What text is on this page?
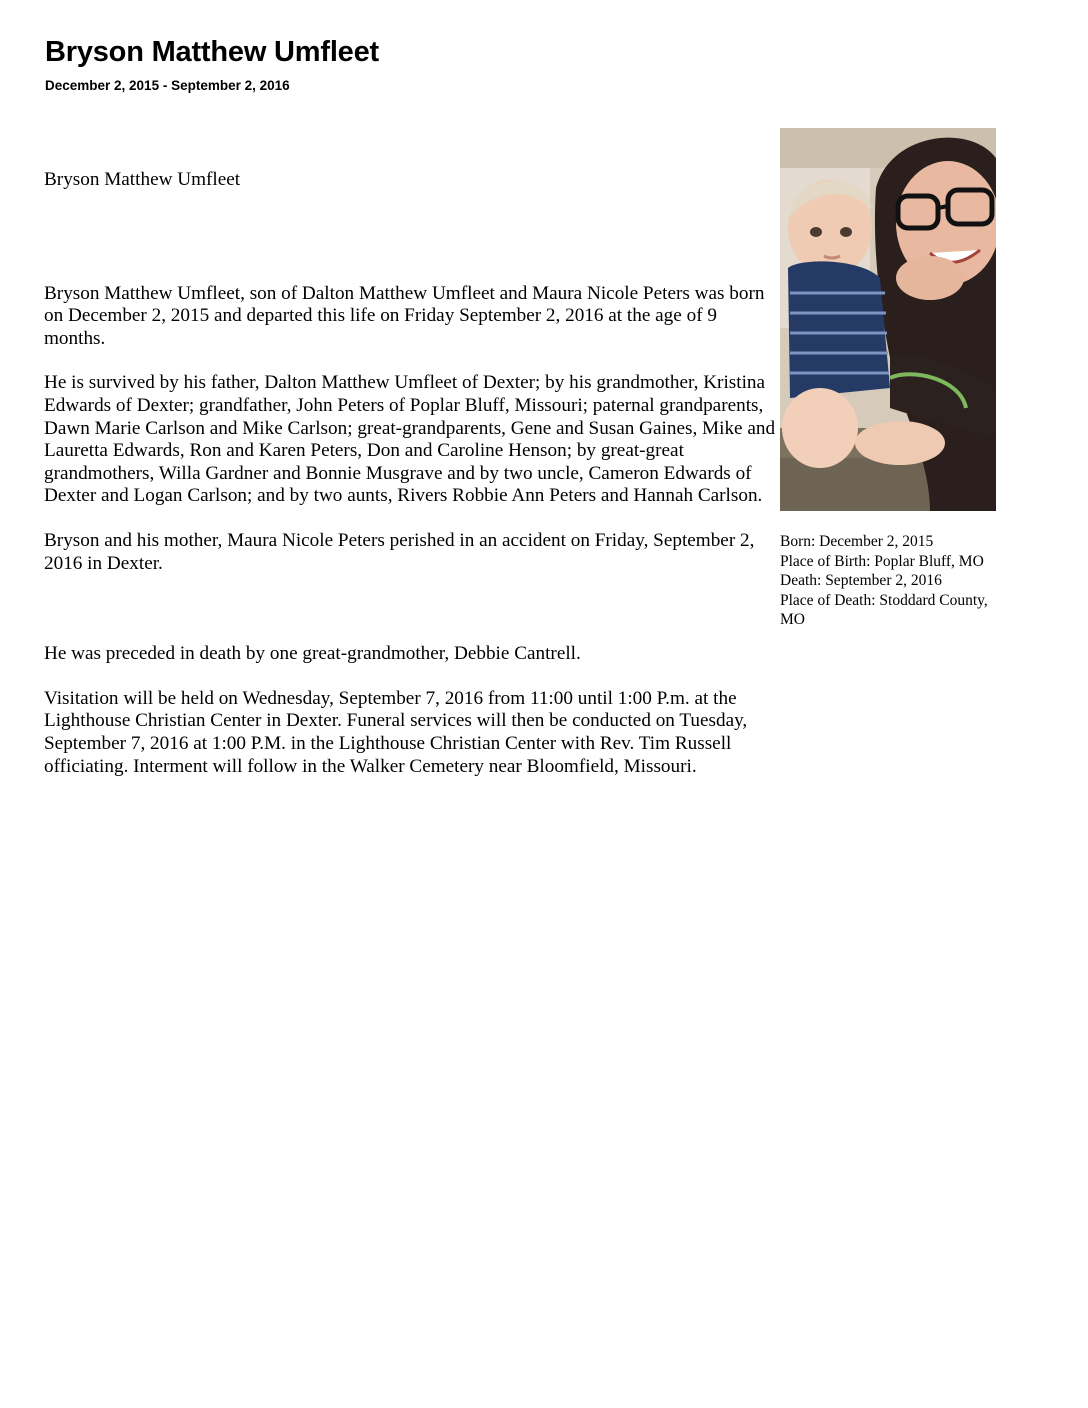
Bryson Matthew Umfleet
December 2, 2015 - September 2, 2016

Bryson Matthew Umfleet

Bryson Matthew Umfleet, son of Dalton Matthew Umfleet and Maura Nicole Peters was born on December 2, 2015 and departed this life on Friday September 2, 2016 at the age of 9 months.

He is survived by his father, Dalton Matthew Umfleet of Dexter; by his grandmother, Kristina Edwards of Dexter; grandfather, John Peters of Poplar Bluff, Missouri; paternal grandparents, Dawn Marie Carlson and Mike Carlson; great-grandparents, Gene and Susan Gaines, Mike and Lauretta Edwards, Ron and Karen Peters, Don and Caroline Henson; by great-great grandmothers, Willa Gardner and Bonnie Musgrave and by two uncle, Cameron Edwards of Dexter and Logan Carlson; and by two aunts, Rivers Robbie Ann Peters and Hannah Carlson.

Bryson and his mother, Maura Nicole Peters perished in an accident on Friday, September 2, 2016 in Dexter.

He was preceded in death by one great-grandmother, Debbie Cantrell.

Visitation will be held on Wednesday, September 7, 2016 from 11:00 until 1:00 P.m. at the Lighthouse Christian Center in Dexter. Funeral services will then be conducted on Tuesday, September 7, 2016 at 1:00 P.M. in the Lighthouse Christian Center with Rev. Tim Russell officiating. Interment will follow in the Walker Cemetery near Bloomfield, Missouri.

Born: December 2, 2015
Place of Birth: Poplar Bluff, MO
Death: September 2, 2016
Place of Death: Stoddard County, MO
